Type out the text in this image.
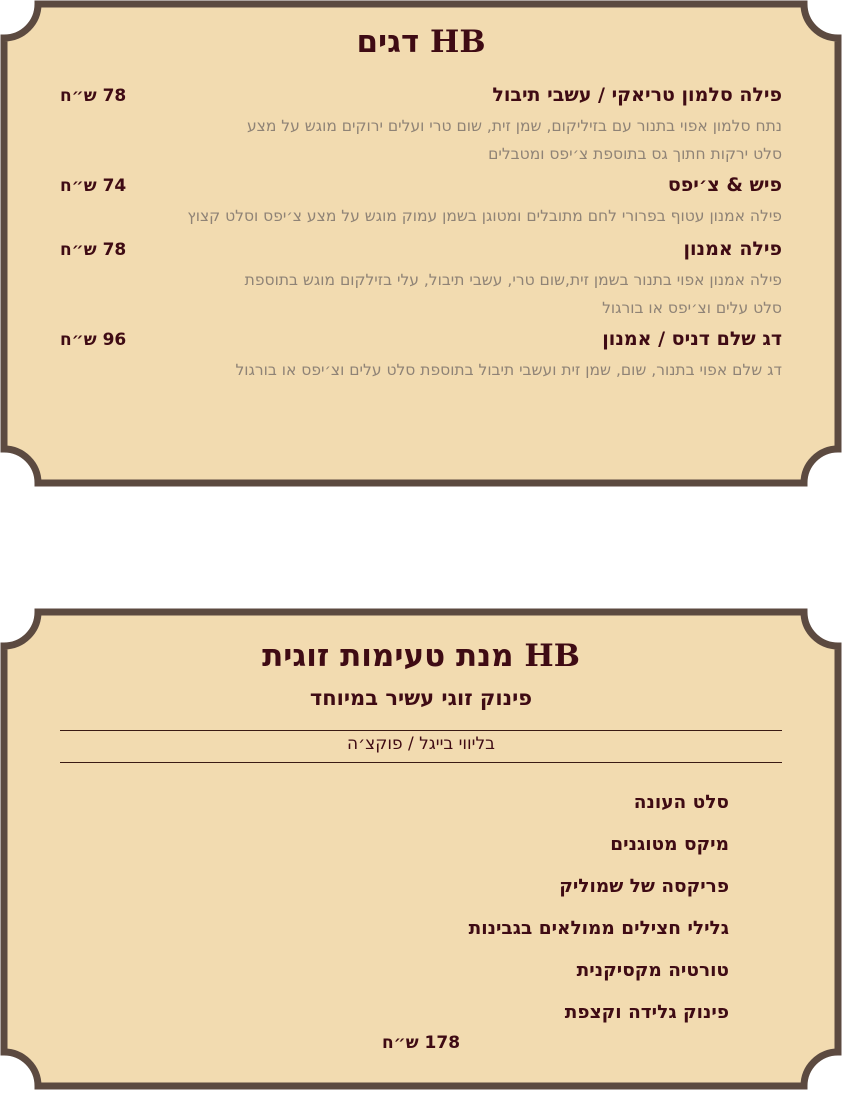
HB דגים
פילה סלמון טריאקי / עשבי תיבול
78 ש״ח
נתח סלמון אפוי בתנור עם בזיליקום, שמן זית, שום טרי ועלים ירוקים מוגש על מצע
סלט ירקות חתוך גס בתוספת צ׳יפס ומטבלים
פיש & צ׳יפס
74 ש״ח
פילה אמנון עטוף בפרורי לחם מתובלים ומטוגן בשמן עמוק מוגש על מצע צ׳יפס וסלט קצוץ
פילה אמנון
78 ש״ח
פילה אמנון אפוי בתנור בשמן זית,שום טרי, עשבי תיבול, עלי בזילקום מוגש בתוספת
סלט עלים וצ׳יפס או בורגול
דג שלם דניס / אמנון
96 ש״ח
דג שלם אפוי בתנור, שום, שמן זית ועשבי תיבול בתוספת סלט עלים וצ׳יפס או בורגול
HB מנת טעימות זוגית
פינוק זוגי עשיר במיוחד
בליווי בייגל / פוקצ׳ה
סלט העונה
מיקס מטוגנים
פריקסה של שמוליק
גלילי חצילים ממולאים בגבינות
טורטיה מקסיקנית
פינוק גלידה וקצפת
178 ש״ח
